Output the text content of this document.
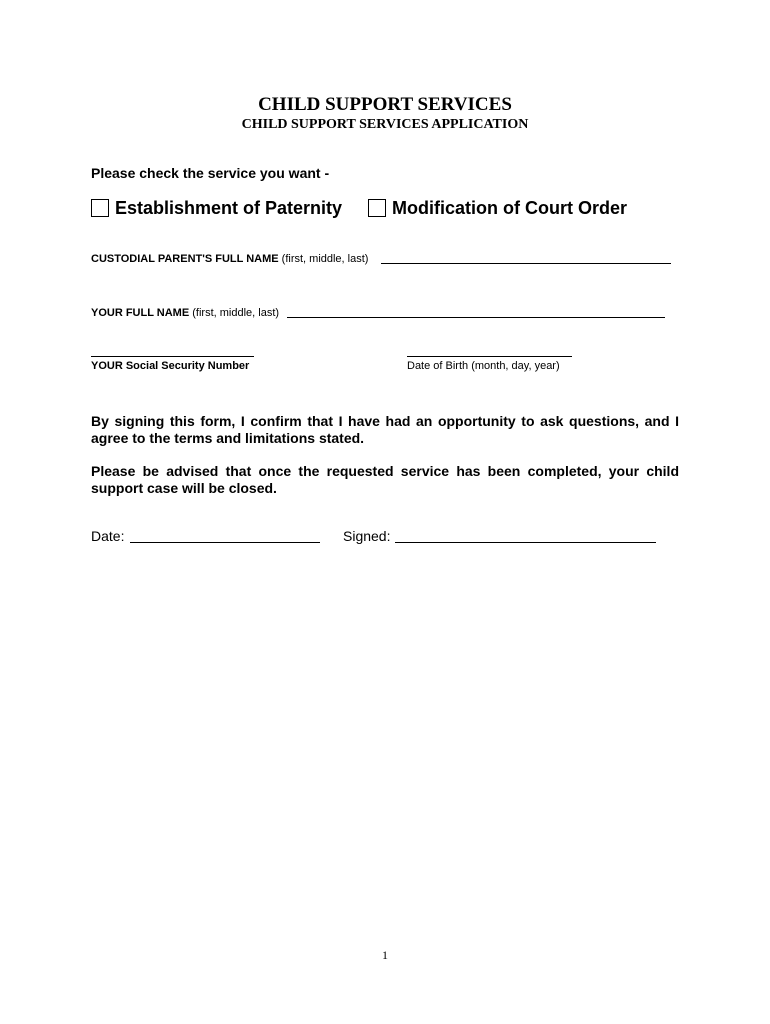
CHILD SUPPORT SERVICES
CHILD SUPPORT SERVICES APPLICATION
Please check the service you want -
Establishment of Paternity	Modification of Court Order
CUSTODIAL PARENT'S FULL NAME (first, middle, last)
YOUR FULL NAME (first, middle, last)
YOUR Social Security Number	Date of Birth (month, day, year)
By signing this form, I confirm that I have had an opportunity to ask questions, and I agree to the terms and limitations stated.
Please be advised that once the requested service has been completed, your child support case will be closed.
Date:	Signed:
1
